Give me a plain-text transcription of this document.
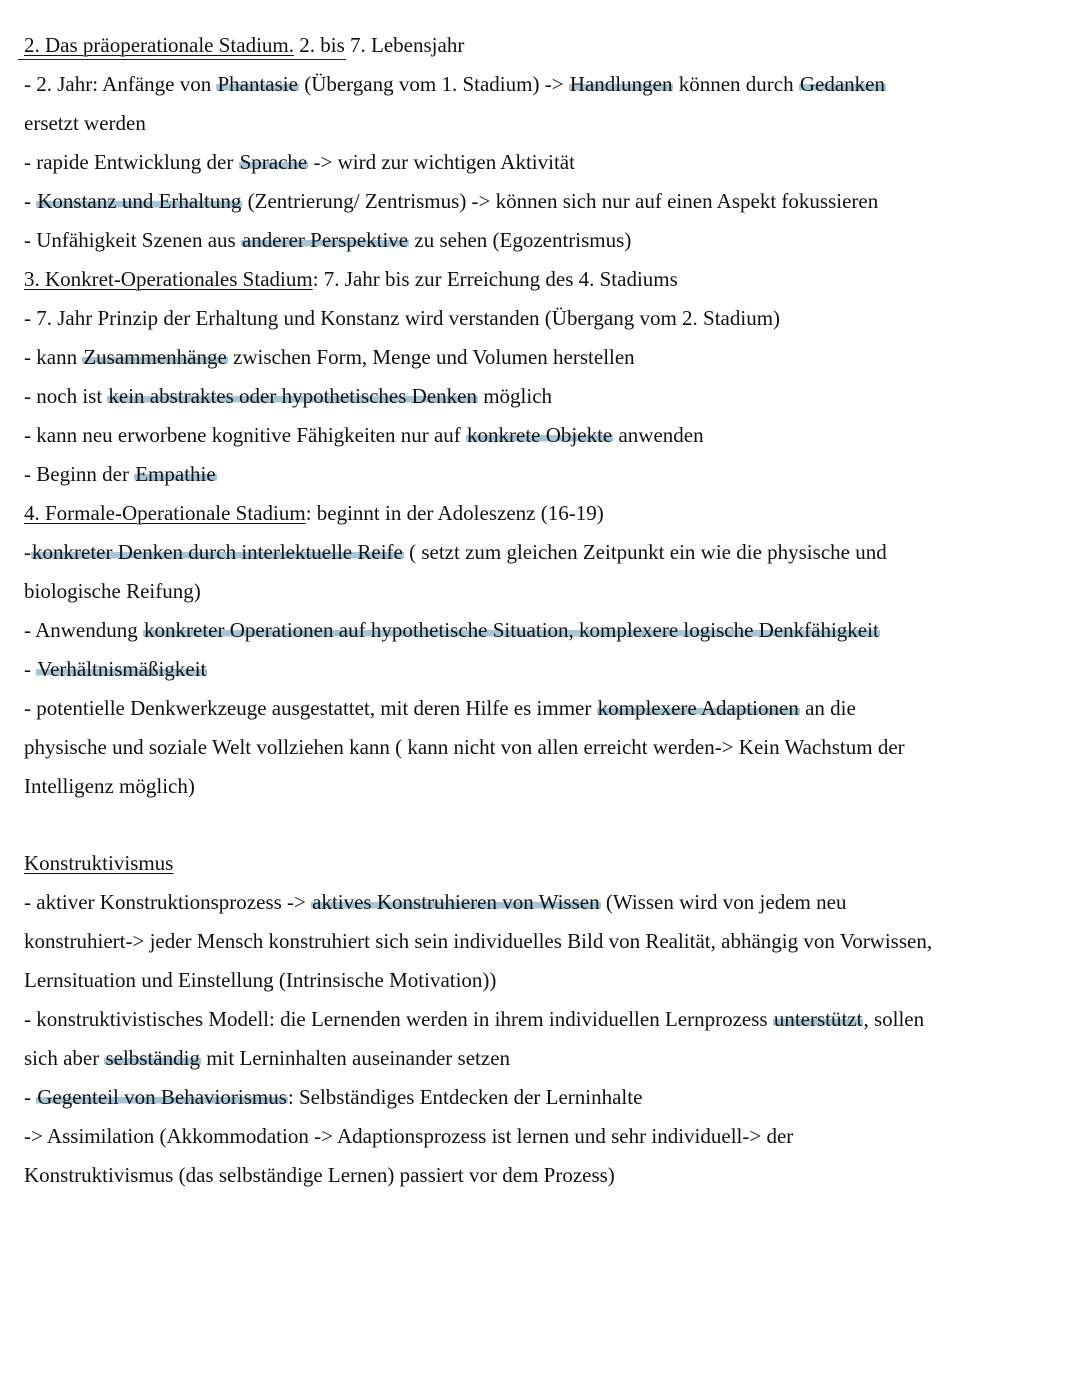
2. Das präoperationale Stadium. 2. bis 7. Lebensjahr
- 2. Jahr: Anfänge von Phantasie (Übergang vom 1. Stadium) -> Handlungen können durch Gedanken
ersetzt werden
- rapide Entwicklung der Sprache -> wird zur wichtigen Aktivität
- Konstanz und Erhaltung (Zentrierung/ Zentrismus) -> können sich nur auf einen Aspekt fokussieren
- Unfähigkeit Szenen aus anderer Perspektive zu sehen (Egozentrismus)
3. Konkret-Operationales Stadium: 7. Jahr bis zur Erreichung des 4. Stadiums
- 7. Jahr Prinzip der Erhaltung und Konstanz wird verstanden (Übergang vom 2. Stadium)
- kann Zusammenhänge zwischen Form, Menge und Volumen herstellen
- noch ist kein abstraktes oder hypothetisches Denken möglich
- kann neu erworbene kognitive Fähigkeiten nur auf konkrete Objekte anwenden
- Beginn der Empathie
4. Formale-Operationale Stadium: beginnt in der Adoleszenz (16-19)
-konkreter Denken durch interlektuelle Reife ( setzt zum gleichen Zeitpunkt ein wie die physische und
biologische Reifung)
- Anwendung konkreter Operationen auf hypothetische Situation, komplexere logische Denkfähigkeit
- Verhältnismäßigkeit
- potentielle Denkwerkzeuge ausgestattet, mit deren Hilfe es immer komplexere Adaptionen an die
physische und soziale Welt vollziehen kann ( kann nicht von allen erreicht werden-> Kein Wachstum der
Intelligenz möglich)
Konstruktivismus
- aktiver Konstruktionsprozess -> aktives Konstruhieren von Wissen (Wissen wird von jedem neu
konstruhiert-> jeder Mensch konstruhiert sich sein individuelles Bild von Realität, abhängig von Vorwissen,
Lernsituation und Einstellung (Intrinsische Motivation))
- konstruktivistisches Modell: die Lernenden werden in ihrem individuellen Lernprozess unterstützt, sollen
sich aber selbständig mit Lerninhalten auseinander setzen
- Gegenteil von Behaviorismus: Selbständiges Entdecken der Lerninhalte
-> Assimilation (Akkommodation -> Adaptionsprozess ist lernen und sehr individuell-> der
Konstruktivismus (das selbständige Lernen) passiert vor dem Prozess)
